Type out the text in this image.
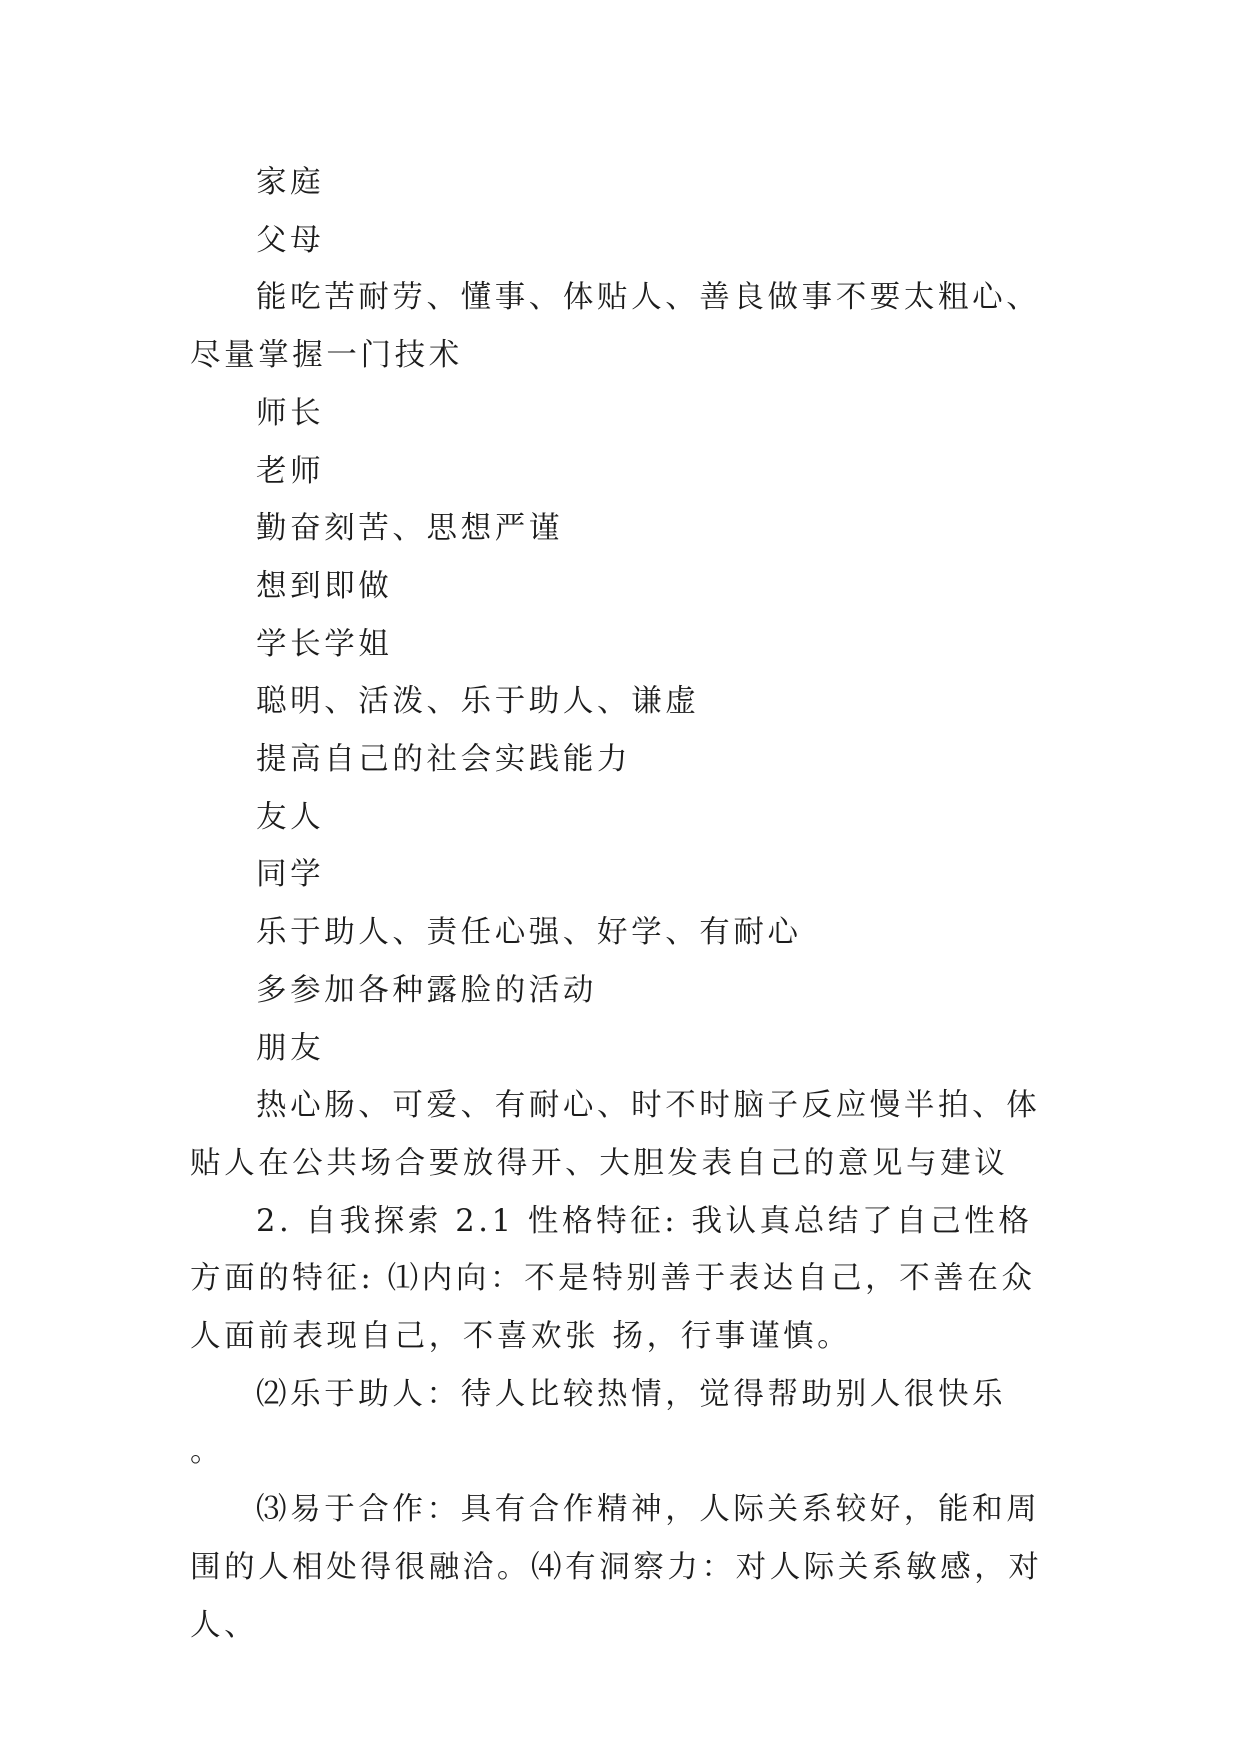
家庭

父母

能吃苦耐劳、懂事、体贴人、善良做事不要太粗心、尽量掌握一门技术

师长

老师

勤奋刻苦、思想严谨

想到即做

学长学姐

聪明、活泼、乐于助人、谦虚

提高自己的社会实践能力

友人

同学

乐于助人、责任心强、好学、有耐心

多参加各种露脸的活动

朋友

热心肠、可爱、有耐心、时不时脑子反应慢半拍、体贴人在公共场合要放得开、大胆发表自己的意见与建议

2. 自我探索 2.1 性格特征: 我认真总结了自己性格方面的特征: ⑴内向：不是特别善于表达自己，不善在众人面前表现自己，不喜欢张 扬，行事谨慎。

⑵乐于助人：待人比较热情，觉得帮助别人很快乐 。

⑶易于合作：具有合作精神，人际关系较好，能和周围的人相处得很融洽。⑷有洞察力：对人际关系敏感，对人、
